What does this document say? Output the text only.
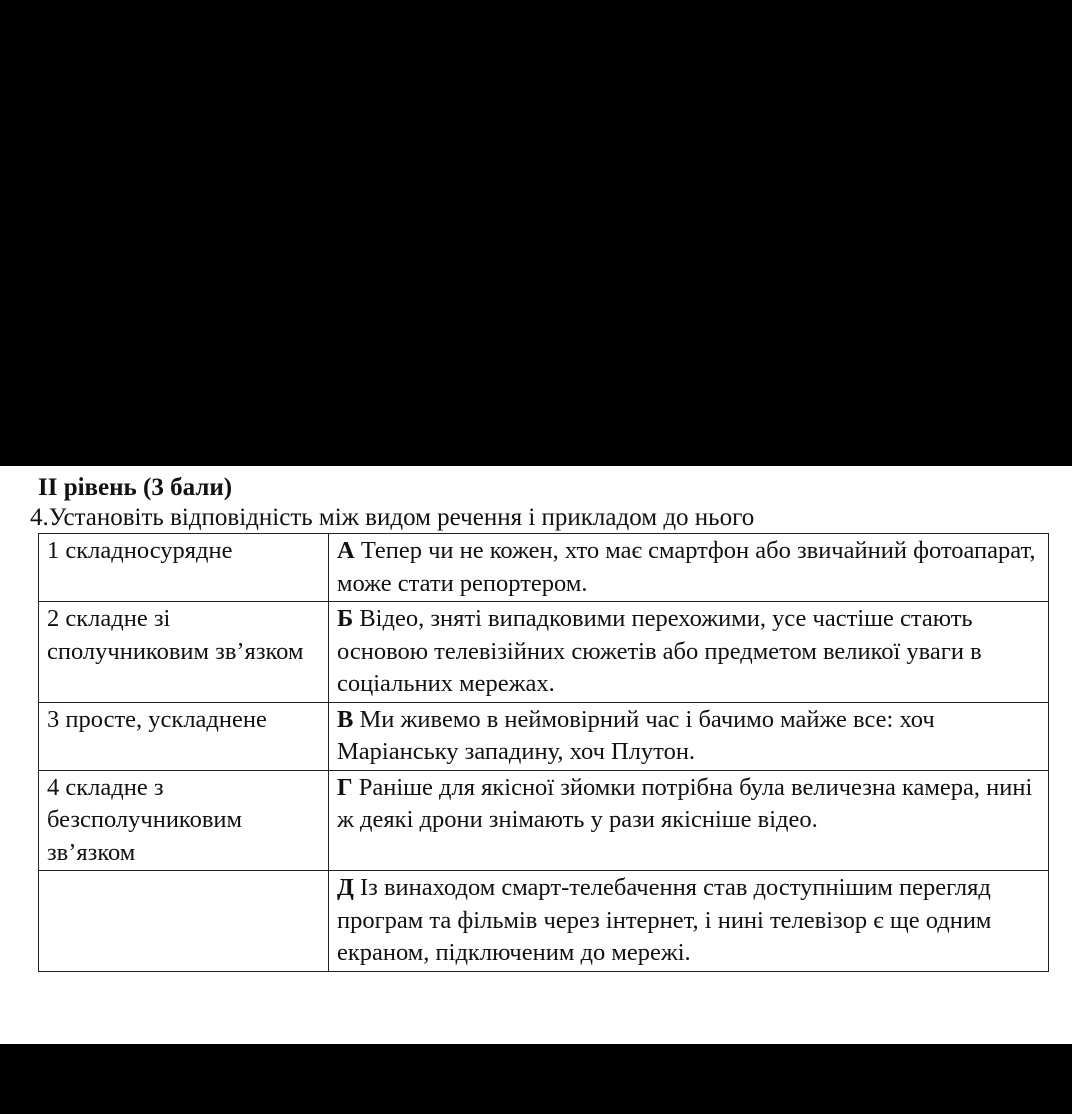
II рівень (3 бали)

4.Установіть відповідність між видом речення і прикладом до нього

1 складносурядне	А Тепер чи не кожен, хто має смартфон або звичайний фотоапарат, може стати репортером.
2 складне зі сполучниковим зв’язком	Б Відео, зняті випадковими перехожими, усе частіше стають основою телевізійних сюжетів або предметом великої уваги в соціальних мережах.
3 просте, ускладнене	В Ми живемо в неймовірний час і бачимо майже все: хоч Маріанську западину, хоч Плутон.
4 складне з безсполучниковим зв’язком	Г Раніше для якісної зйомки потрібна була величезна камера, нині ж деякі дрони знімають у рази якісніше відео.
	Д Із винаходом смарт-телебачення став доступнішим перегляд програм та фільмів через інтернет, і нині телевізор є ще одним екраном, підключеним до мережі.
